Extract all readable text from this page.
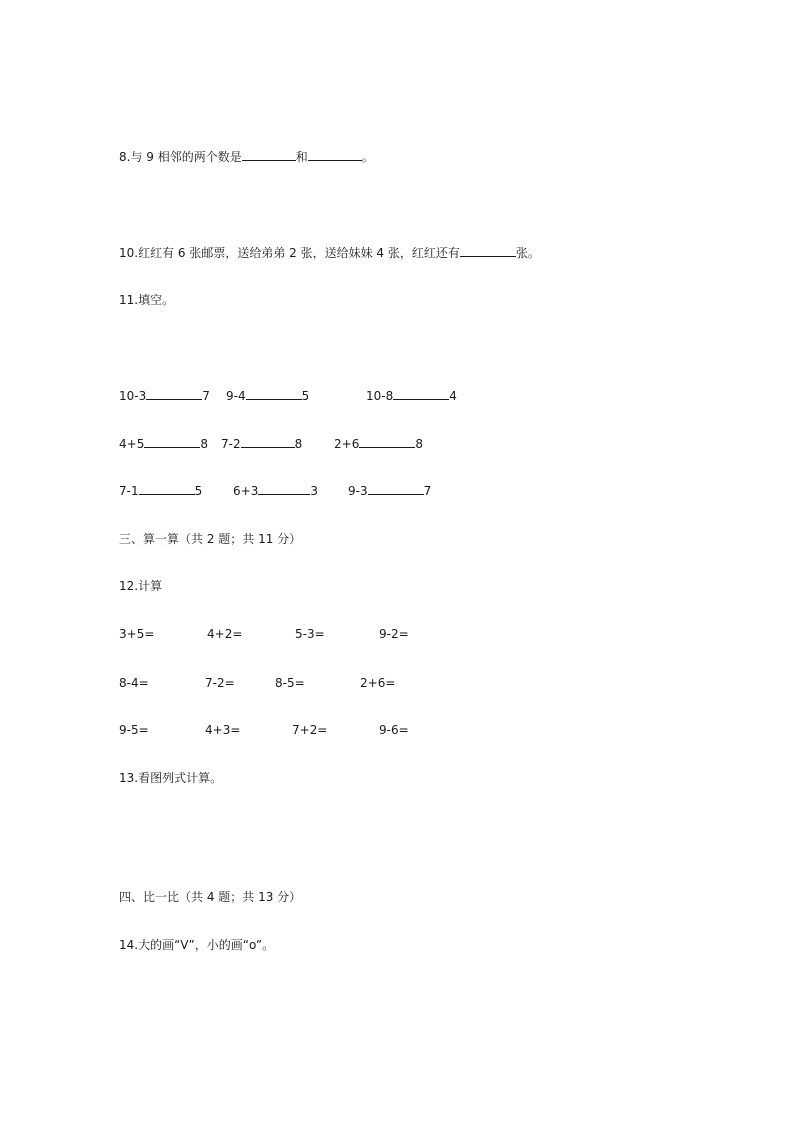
8.与 9 相邻的两个数是	和	。
10.红红有 6 张邮票，送给弟弟 2 张，送给妹妹 4 张，红红还有	张。
11.填空。
10-3	7 9-4	5	10-8	4
4+5	8 7-2	8	2+6	8
7-1	5	6+3	3	9-3	7
三、算一算（共 2 题；共 11 分）
12.计算
3+5=	4+2=	5-3=	9-2=
8-4=	7-2=	8-5=	2+6=
9-5=	4+3=	7+2=	9-6=
13.看图列式计算。
四、比一比（共 4 题；共 13 分）
14.大的画“V”，小的画“o”。
